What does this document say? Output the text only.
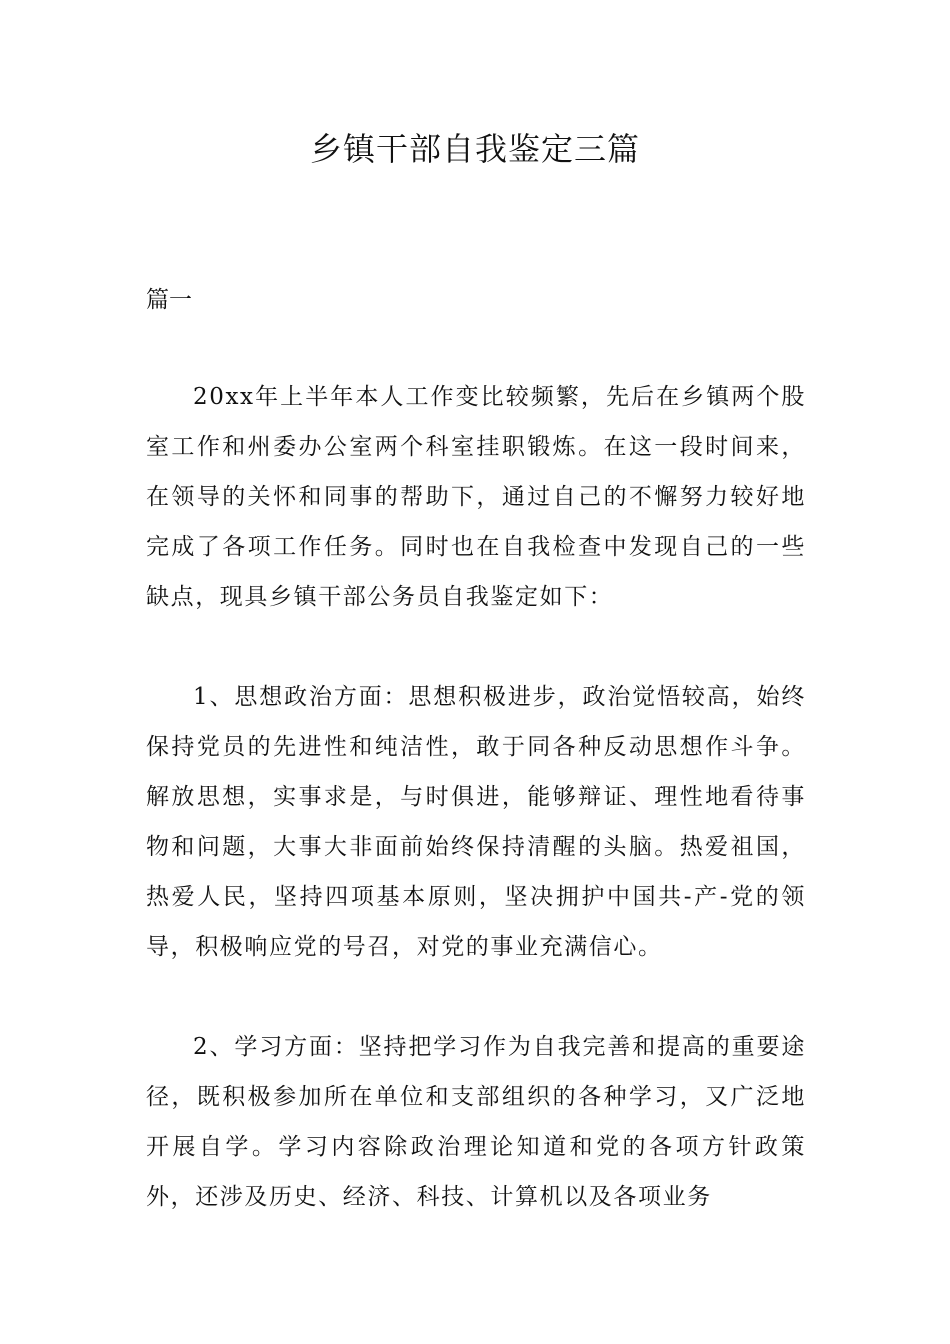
乡镇干部自我鉴定三篇

篇一

20xx年上半年本人工作变比较频繁，先后在乡镇两个股室工作和州委办公室两个科室挂职锻炼。在这一段时间来，在领导的关怀和同事的帮助下，通过自己的不懈努力较好地完成了各项工作任务。同时也在自我检查中发现自己的一些缺点，现具乡镇干部公务员自我鉴定如下：

1、思想政治方面：思想积极进步，政治觉悟较高，始终保持党员的先进性和纯洁性，敢于同各种反动思想作斗争。解放思想，实事求是，与时俱进，能够辩证、理性地看待事物和问题，大事大非面前始终保持清醒的头脑。热爱祖国，热爱人民，坚持四项基本原则，坚决拥护中国共-产-党的领导，积极响应党的号召，对党的事业充满信心。

2、学习方面：坚持把学习作为自我完善和提高的重要途径，既积极参加所在单位和支部组织的各种学习，又广泛地开展自学。学习内容除政治理论知道和党的各项方针政策外，还涉及历史、经济、科技、计算机以及各项业务
